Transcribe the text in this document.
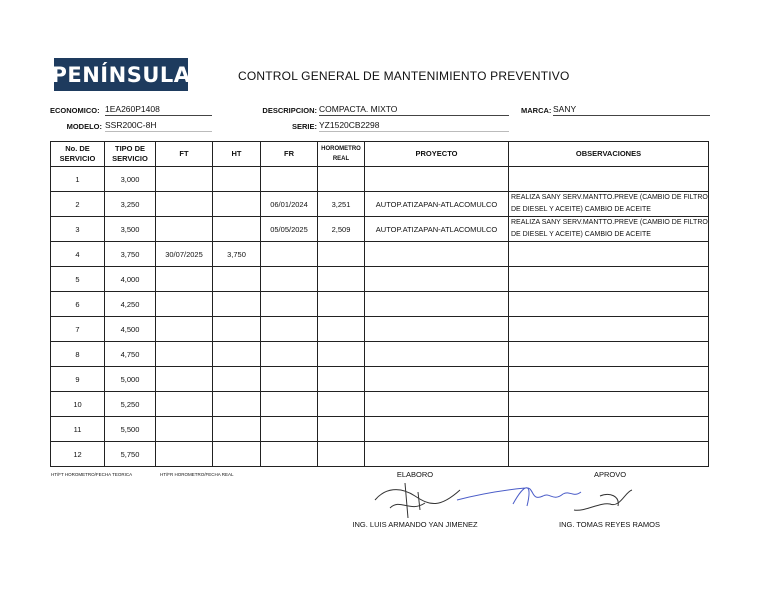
PENÍNSULA	CONTROL GENERAL DE MANTENIMIENTO PREVENTIVO
ECONOMICO: 1EA260P1408
MODELO: SSR200C-8H
DESCRIPCION: COMPACTA. MIXTO
SERIE: YZ1520CB2298
MARCA: SANY
No. DE SERVICIO	TIPO DE SERVICIO	FT	HT	FR	HOROMETRO REAL	PROYECTO	OBSERVACIONES
1	3,000						
2	3,250			06/01/2024	3,251	AUTOP.ATIZAPAN-ATLACOMULCO	REALIZA SANY SERV.MANTTO.PREVE (CAMBIO DE FILTRO DE DIESEL Y ACEITE) CAMBIO DE ACEITE
3	3,500			05/05/2025	2,509	AUTOP.ATIZAPAN-ATLACOMULCO	REALIZA SANY SERV.MANTTO.PREVE (CAMBIO DE FILTRO DE DIESEL Y ACEITE) CAMBIO DE ACEITE
4	3,750	30/07/2025	3,750				
5	4,000						
6	4,250						
7	4,500						
8	4,750						
9	5,000						
10	5,250						
11	5,500						
12	5,750						
HT/FT HOROMETRO/FECHA TEORICA	HT/FR HOROMETRO/FECHA REAL	ELABORO	APROVO
ING. LUIS ARMANDO YAN JIMENEZ	ING. TOMAS REYES RAMOS
